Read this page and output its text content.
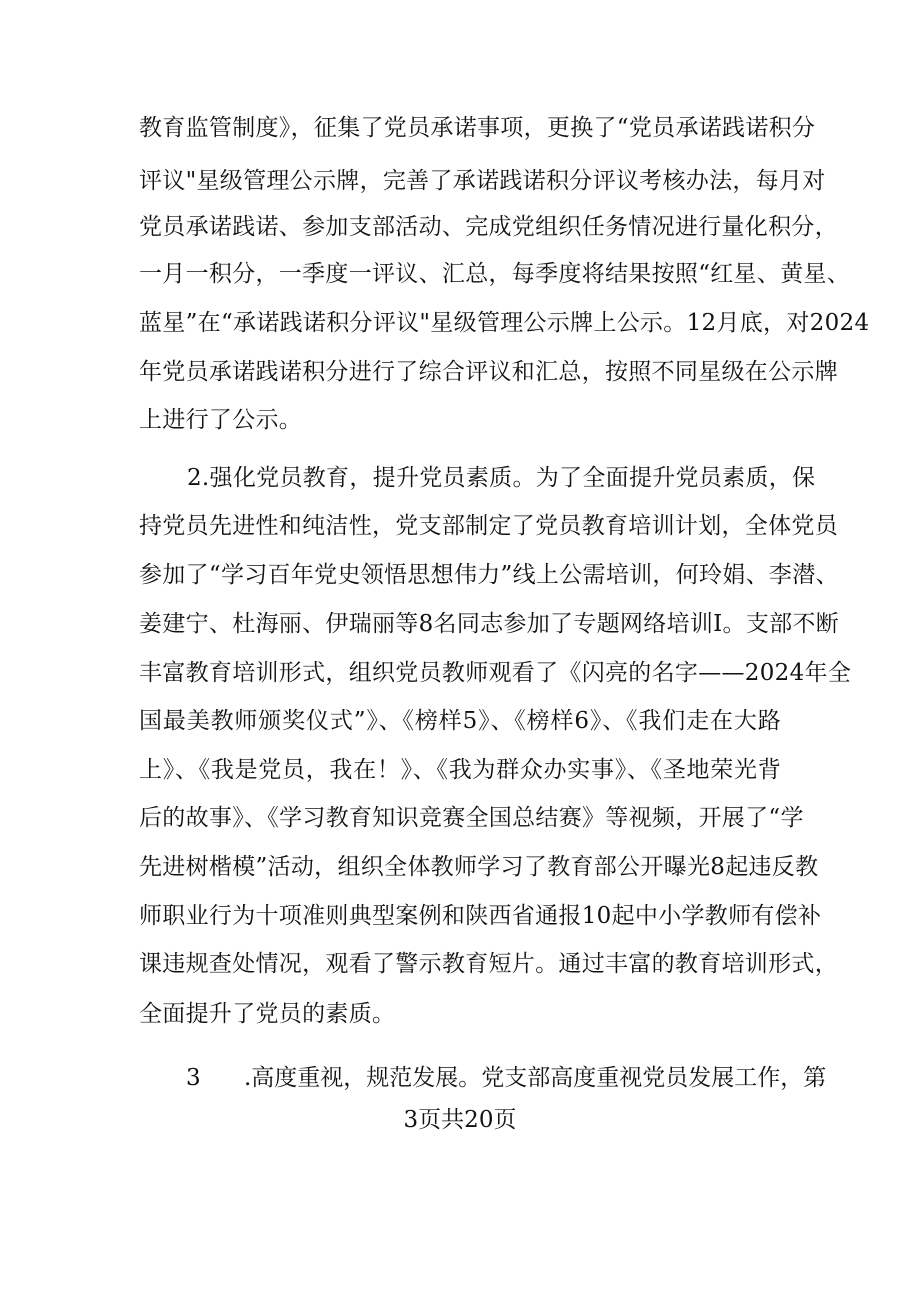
教育监管制度》，征集了党员承诺事项，更换了“党员承诺践诺积分
评议"星级管理公示牌，完善了承诺践诺积分评议考核办法，每月对
党员承诺践诺、参加支部活动、完成党组织任务情况进行量化积分，
一月一积分，一季度一评议、汇总，每季度将结果按照“红星、黄星、
蓝星”在“承诺践诺积分评议"星级管理公示牌上公示。12月底，对2024
年党员承诺践诺积分进行了综合评议和汇总，按照不同星级在公示牌
上进行了公示。
2.强化党员教育，提升党员素质。为了全面提升党员素质，保
持党员先进性和纯洁性，党支部制定了党员教育培训计划，全体党员
参加了“学习百年党史领悟思想伟力”线上公需培训，何玲娟、李潜、
姜建宁、杜海丽、伊瑞丽等8名同志参加了专题网络培训I。支部不断
丰富教育培训形式，组织党员教师观看了《闪亮的名字——2024年全
国最美教师颁奖仪式”》、《榜样5》、《榜样6》、《我们走在大路
上》、《我是党员，我在！》、《我为群众办实事》、《圣地荣光背
后的故事》、《学习教育知识竞赛全国总结赛》等视频，开展了“学
先进树楷模”活动，组织全体教师学习了教育部公开曝光8起违反教
师职业行为十项准则典型案例和陕西省通报10起中小学教师有偿补
课违规查处情况，观看了警示教育短片。通过丰富的教育培训形式，
全面提升了党员的素质。
3 .高度重视，规范发展。党支部高度重视党员发展工作，第
3页共20页
